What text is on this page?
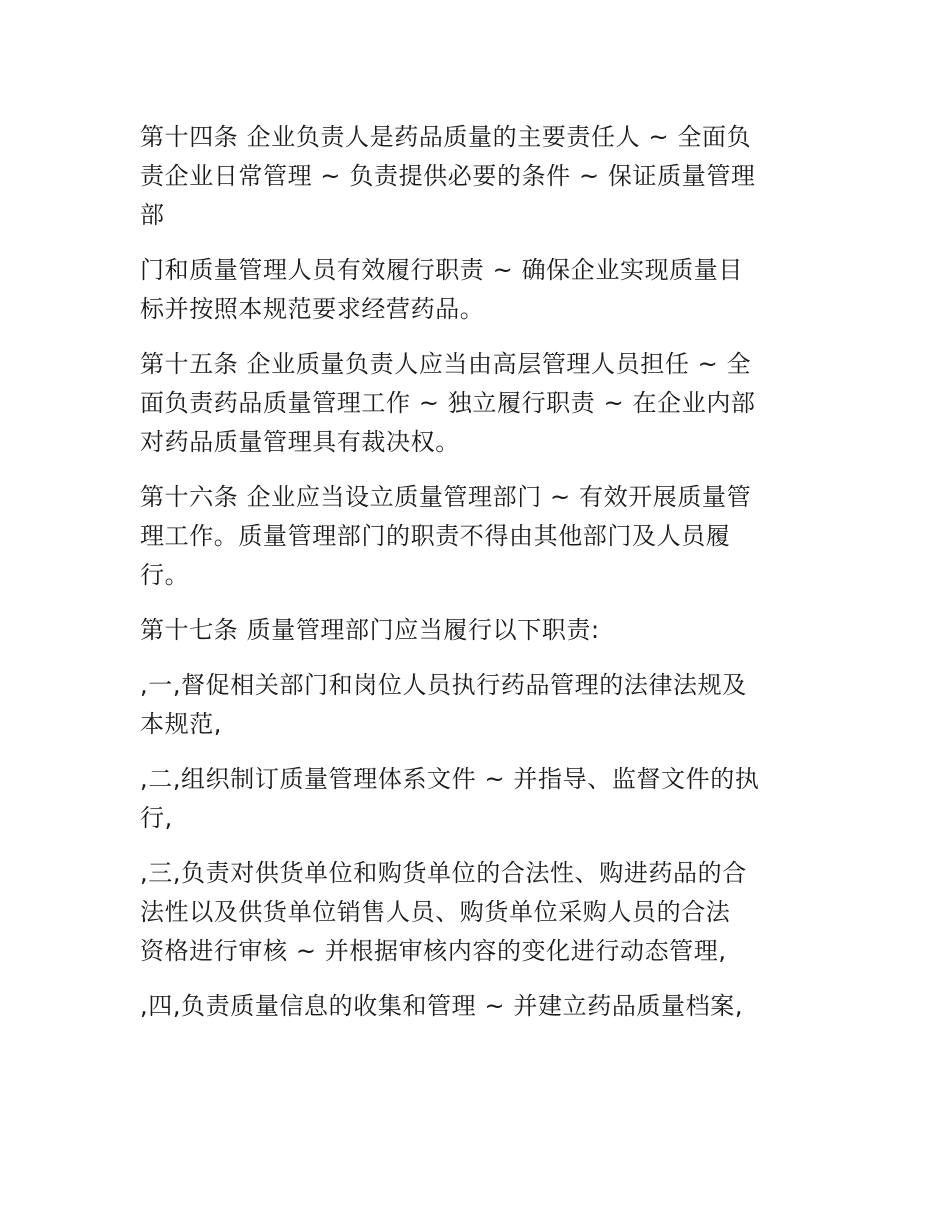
第十四条 企业负责人是药品质量的主要责任人 ~ 全面负
责企业日常管理 ~ 负责提供必要的条件 ~ 保证质量管理
部

门和质量管理人员有效履行职责 ~ 确保企业实现质量目
标并按照本规范要求经营药品。

第十五条 企业质量负责人应当由高层管理人员担任 ~ 全
面负责药品质量管理工作 ~ 独立履行职责 ~ 在企业内部
对药品质量管理具有裁决权。

第十六条 企业应当设立质量管理部门 ~ 有效开展质量管
理工作。质量管理部门的职责不得由其他部门及人员履
行。

第十七条 质量管理部门应当履行以下职责:

,一,督促相关部门和岗位人员执行药品管理的法律法规及
本规范,

,二,组织制订质量管理体系文件 ~ 并指导、监督文件的执
行,

,三,负责对供货单位和购货单位的合法性、购进药品的合
法性以及供货单位销售人员、购货单位采购人员的合法
资格进行审核 ~ 并根据审核内容的变化进行动态管理,

,四,负责质量信息的收集和管理 ~ 并建立药品质量档案,
